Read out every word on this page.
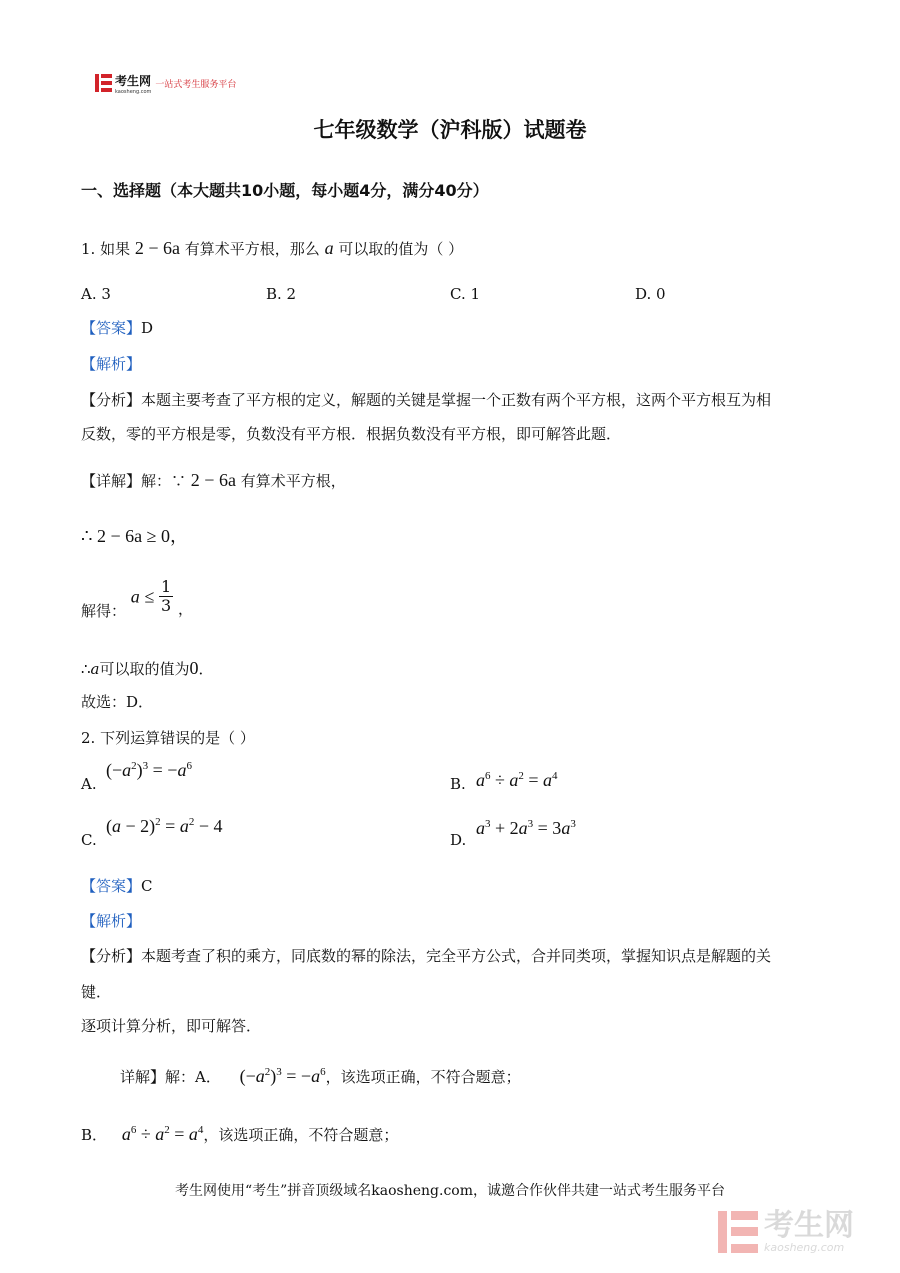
考生网
kaosheng.com
一站式考生服务平台
七年级数学（沪科版）试题卷
一、选择题（本大题共10小题，每小题4分，满分40分）
1. 如果 2 − 6a 有算术平方根，那么 a 可以取的值为（ ）
A. 3	B. 2	C. 1	D. 0
【答案】D
【解析】
【分析】本题主要考查了平方根的定义，解题的关键是掌握一个正数有两个平方根，这两个平方根互为相
反数，零的平方根是零，负数没有平方根．根据负数没有平方根，即可解答此题．
【详解】解：∵ 2 − 6a 有算术平方根，
∴ 2 − 6a ≥ 0，
解得： $a \le \frac{1}{3}$ ，
∴a可以取的值为0．
故选：D．
2. 下列运算错误的是（ ）
A.
$(-a^2)^3 = -a^6$
B. $a^6 \div a^2 = a^4$
C.
$(a - 2)^2 = a^2 - 4$
D.
$a^3 + 2a^3 = 3a^3$
【答案】C
【解析】
【分析】本题考查了积的乘方，同底数的幂的除法，完全平方公式，合并同类项，掌握知识点是解题的关
键．
逐项计算分析，即可解答．
详解】解：A． $(-a^2)^3 = -a^6$，该选项正确，不符合题意；
B． $a^6 \div a^2 = a^4$，该选项正确，不符合题意；
考生网使用“考生”拼音顶级域名kaosheng.com，诚邀合作伙伴共建一站式考生服务平台
考生网
kaosheng.com
